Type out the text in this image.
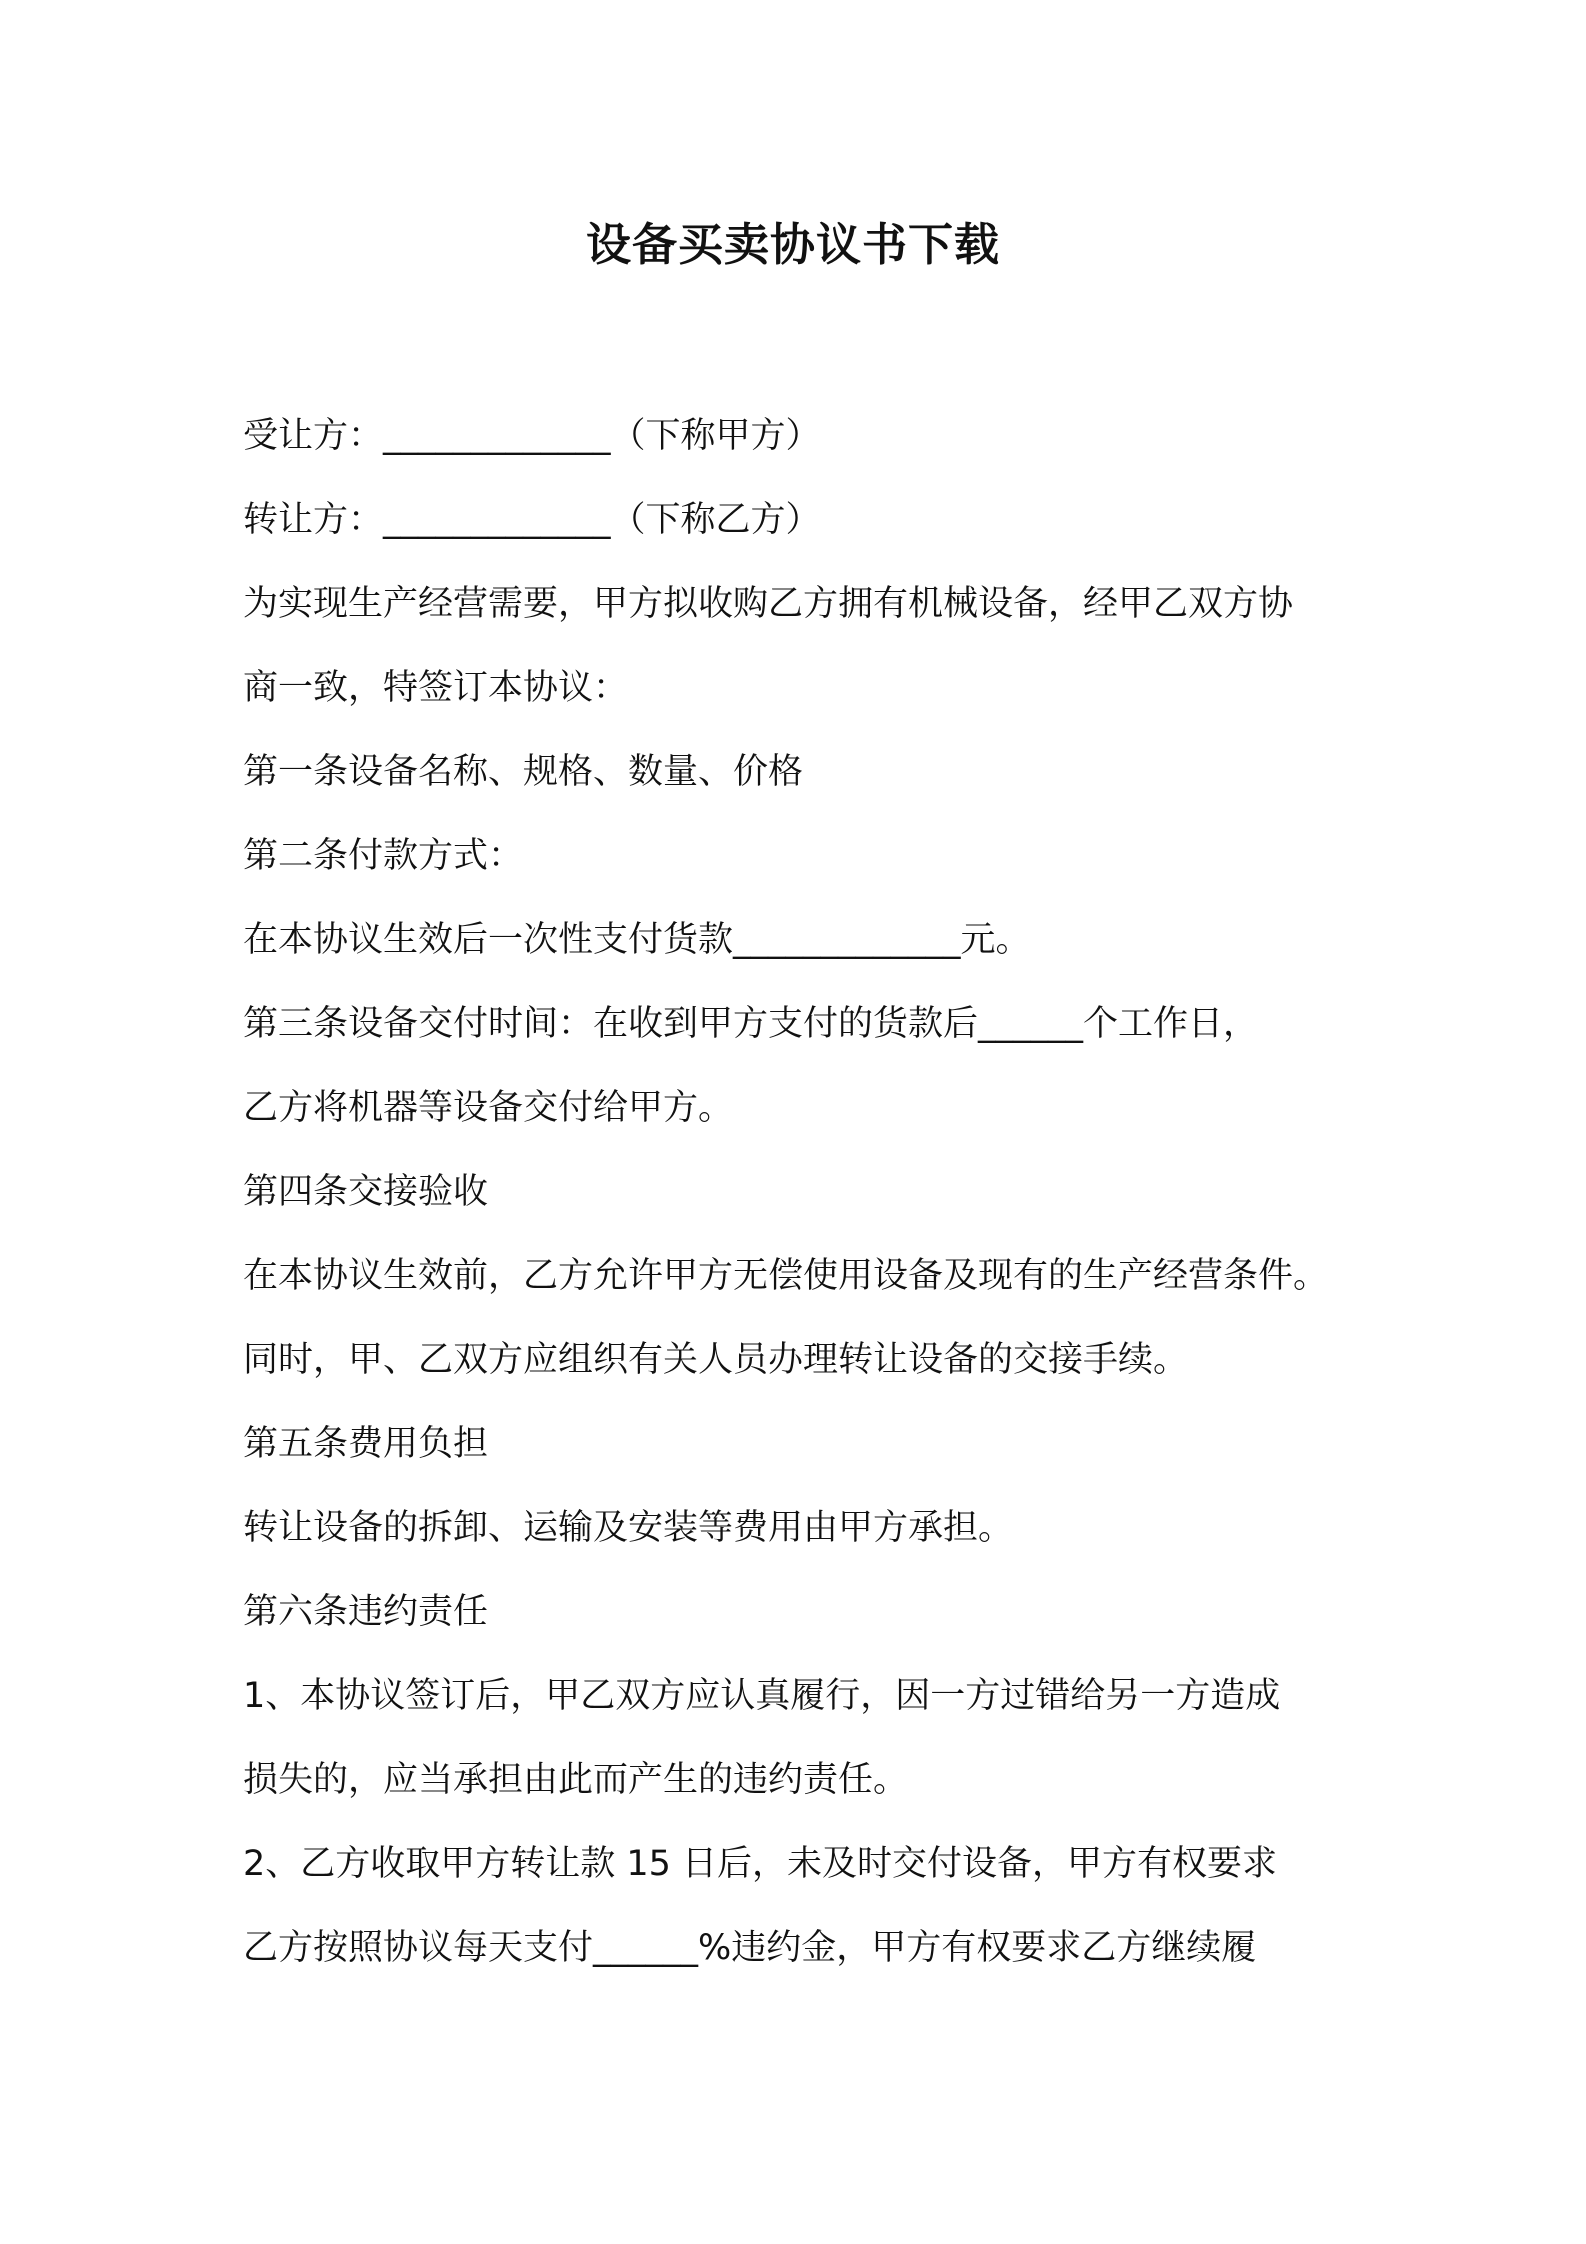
设备买卖协议书下载
受让方：_____________（下称甲方）
转让方：_____________（下称乙方）
为实现生产经营需要，甲方拟收购乙方拥有机械设备，经甲乙双方协
商一致，特签订本协议：
第一条设备名称、规格、数量、价格
第二条付款方式：
在本协议生效后一次性支付货款_____________元。
第三条设备交付时间：在收到甲方支付的货款后______个工作日，
乙方将机器等设备交付给甲方。
第四条交接验收
在本协议生效前，乙方允许甲方无偿使用设备及现有的生产经营条件。
同时，甲、乙双方应组织有关人员办理转让设备的交接手续。
第五条费用负担
转让设备的拆卸、运输及安装等费用由甲方承担。
第六条违约责任
1、本协议签订后，甲乙双方应认真履行，因一方过错给另一方造成
损失的，应当承担由此而产生的违约责任。
2、乙方收取甲方转让款 15 日后，未及时交付设备，甲方有权要求
乙方按照协议每天支付______%违约金，甲方有权要求乙方继续履
